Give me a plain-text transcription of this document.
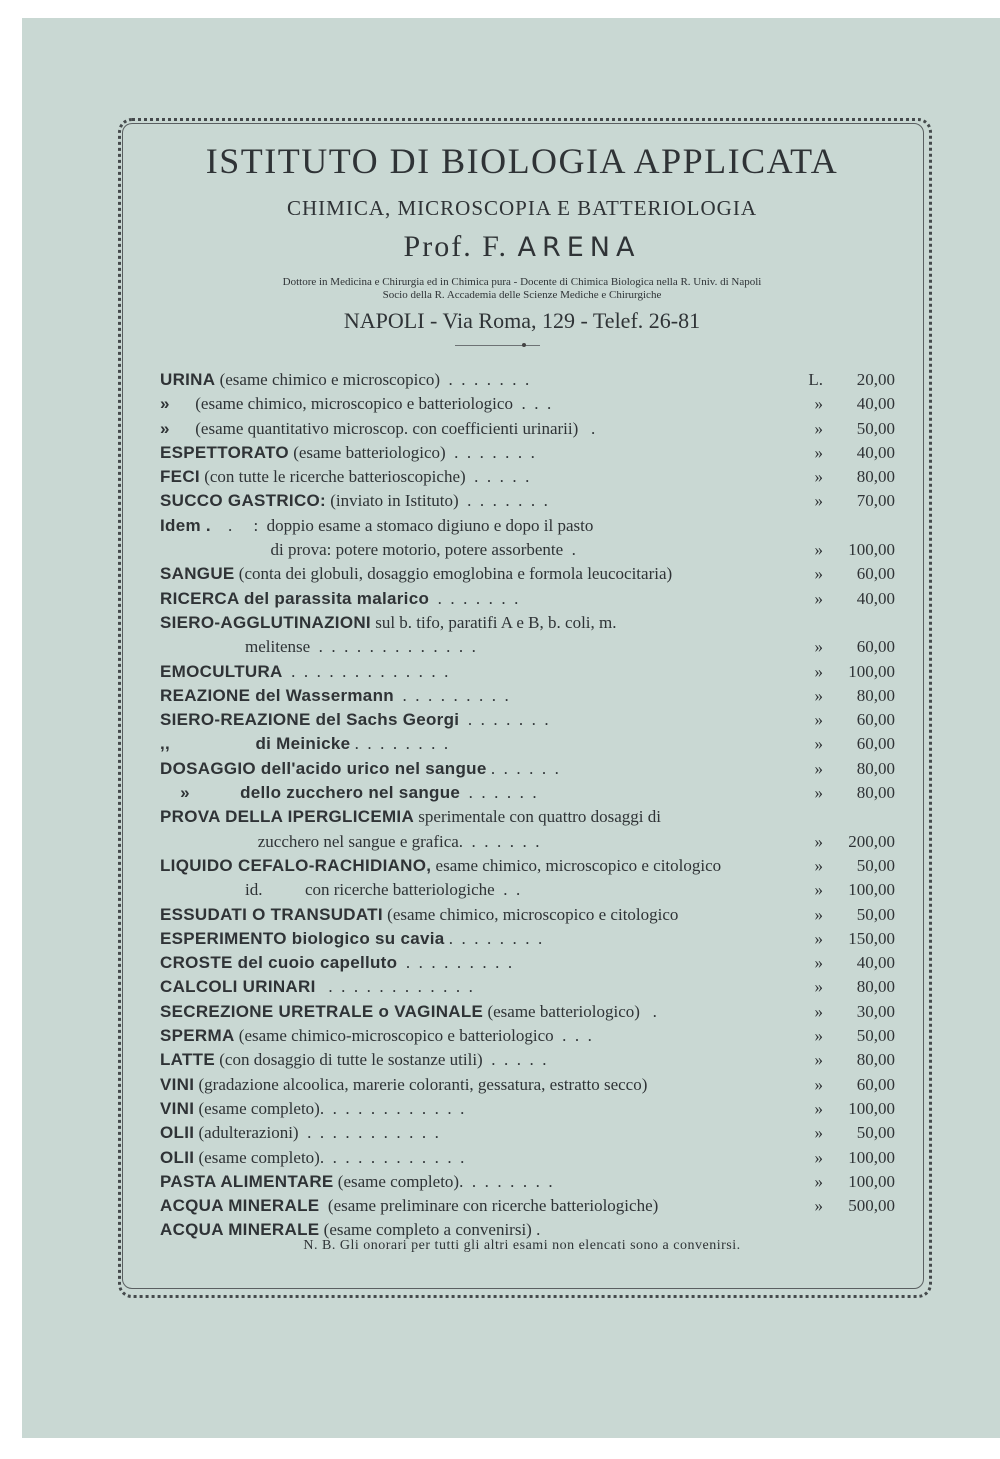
ISTITUTO DI BIOLOGIA APPLICATA
CHIMICA, MICROSCOPIA E BATTERIOLOGIA
Prof. F. ARENA
Dottore in Medicina e Chirurgia ed in Chimica pura - Docente di Chimica Biologica nella R. Univ. di Napoli
Socio della R. Accademia delle Scienze Mediche e Chirurgiche
NAPOLI - Via Roma, 129 - Telef. 26-81
URINA (esame chimico e microscopico)  .  .  .  .  .  .  .	L. 20,00
»      (esame chimico, microscopico e batteriologico  .  .  .	» 40,00
»      (esame quantitativo microscop. con coefficienti urinarii)   .	» 50,00
ESPETTORATO (esame batteriologico)  .  .  .  .  .  .  .	» 40,00
FECI (con tutte le ricerche batterioscopiche)  .  .  .  .  .	» 80,00
SUCCO GASTRICO: (inviato in Istituto)  .  .  .  .  .  .  .	» 70,00
Idem .    .     :  doppio esame a stomaco digiuno e dopo il pasto
di prova: potere motorio, potere assorbente  .	» 100,00
SANGUE (conta dei globuli, dosaggio emoglobina e formola leucocitaria)	» 60,00
RICERCA del parassita malarico  .  .  .  .  .  .  .	» 40,00
SIERO-AGGLUTINAZIONI sul b. tifo, paratifi A e B, b. coli, m.
melitense  .  .  .  .  .  .  .  .  .  .  .  .  .	» 60,00
EMOCULTURA  .  .  .  .  .  .  .  .  .  .  .  .  .	» 100,00
REAZIONE del Wassermann  .  .  .  .  .  .  .  .  .	» 80,00
SIERO-REAZIONE del Sachs Georgi  .  .  .  .  .  .  .	» 60,00
,,                 di Meinicke .  .  .  .  .  .  .  .	» 60,00
DOSAGGIO dell'acido urico nel sangue .  .  .  .  .  .	» 80,00
»          dello zucchero nel sangue  .  .  .  .  .  .	» 80,00
PROVA DELLA IPERGLICEMIA sperimentale con quattro dosaggi di
zucchero nel sangue e grafica.  .  .  .  .  .  .	» 200,00
LIQUIDO CEFALO-RACHIDIANO, esame chimico, microscopico e citologico	» 50,00
id.          con ricerche batteriologiche  .  .	» 100,00
ESSUDATI O TRANSUDATI (esame chimico, microscopico e citologico	» 50,00
ESPERIMENTO biologico su cavia .  .  .  .  .  .  .  .	» 150,00
CROSTE del cuoio capelluto  .  .  .  .  .  .  .  .  .	» 40,00
CALCOLI URINARI   .  .  .  .  .  .  .  .  .  .  .  .	» 80,00
SECREZIONE URETRALE o VAGINALE (esame batteriologico)   .	» 30,00
SPERMA (esame chimico-microscopico e batteriologico  .  .  .	» 50,00
LATTE (con dosaggio di tutte le sostanze utili)  .  .  .  .  .	» 80,00
VINI (gradazione alcoolica, marerie coloranti, gessatura, estratto secco)	» 60,00
VINI (esame completo).  .  .  .  .  .  .  .  .  .  .  .	» 100,00
OLII (adulterazioni)  .  .  .  .  .  .  .  .  .  .  .	» 50,00
OLII (esame completo).  .  .  .  .  .  .  .  .  .  .  .	» 100,00
PASTA ALIMENTARE (esame completo).  .  .  .  .  .  .  .	» 100,00
ACQUA MINERALE  (esame preliminare con ricerche batteriologiche)	» 500,00
ACQUA MINERALE (esame completo a convenirsi) .
N. B. Gli onorari per tutti gli altri esami non elencati sono a convenirsi.
